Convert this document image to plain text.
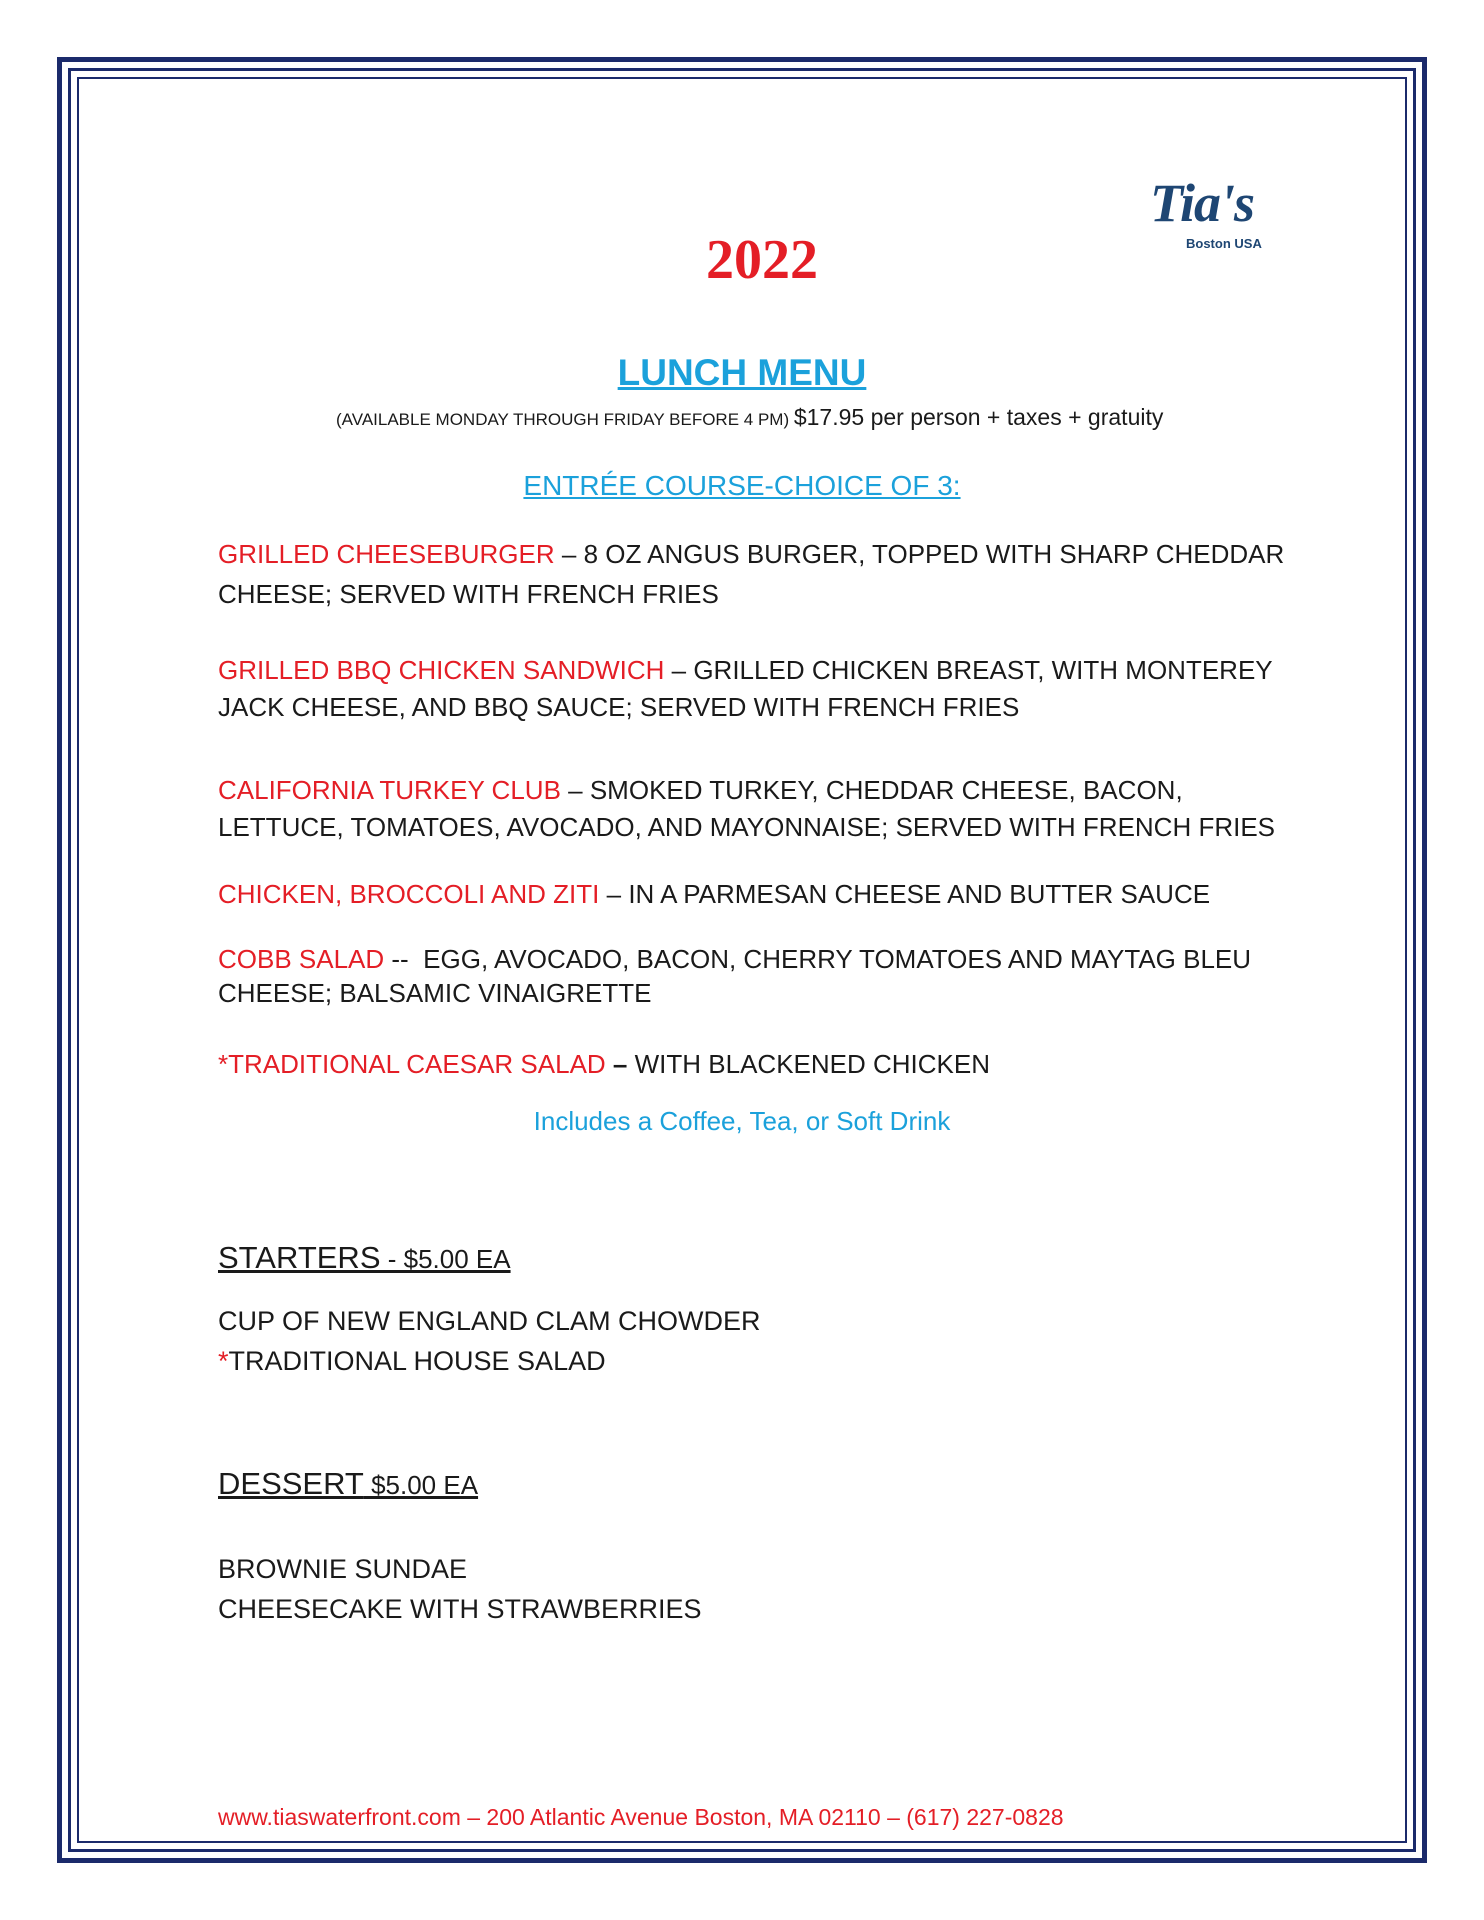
Tia's
Boston USA
2022
LUNCH MENU
(AVAILABLE MONDAY THROUGH FRIDAY BEFORE 4 PM) $17.95 per person + taxes + gratuity
ENTRÉE COURSE-CHOICE OF 3:
GRILLED CHEESEBURGER – 8 OZ ANGUS BURGER, TOPPED WITH SHARP CHEDDAR CHEESE; SERVED WITH FRENCH FRIES
GRILLED BBQ CHICKEN SANDWICH – GRILLED CHICKEN BREAST, WITH MONTEREY JACK CHEESE, AND BBQ SAUCE; SERVED WITH FRENCH FRIES
CALIFORNIA TURKEY CLUB – SMOKED TURKEY, CHEDDAR CHEESE, BACON, LETTUCE, TOMATOES, AVOCADO, AND MAYONNAISE; SERVED WITH FRENCH FRIES
CHICKEN, BROCCOLI AND ZITI – IN A PARMESAN CHEESE AND BUTTER SAUCE
COBB SALAD --  EGG, AVOCADO, BACON, CHERRY TOMATOES AND MAYTAG BLEU CHEESE; BALSAMIC VINAIGRETTE
*TRADITIONAL CAESAR SALAD – WITH BLACKENED CHICKEN
Includes a Coffee, Tea, or Soft Drink
STARTERS - $5.00 EA
CUP OF NEW ENGLAND CLAM CHOWDER
*TRADITIONAL HOUSE SALAD
DESSERT $5.00 EA
BROWNIE SUNDAE
CHEESECAKE WITH STRAWBERRIES
www.tiaswaterfront.com – 200 Atlantic Avenue Boston, MA 02110 – (617) 227-0828
